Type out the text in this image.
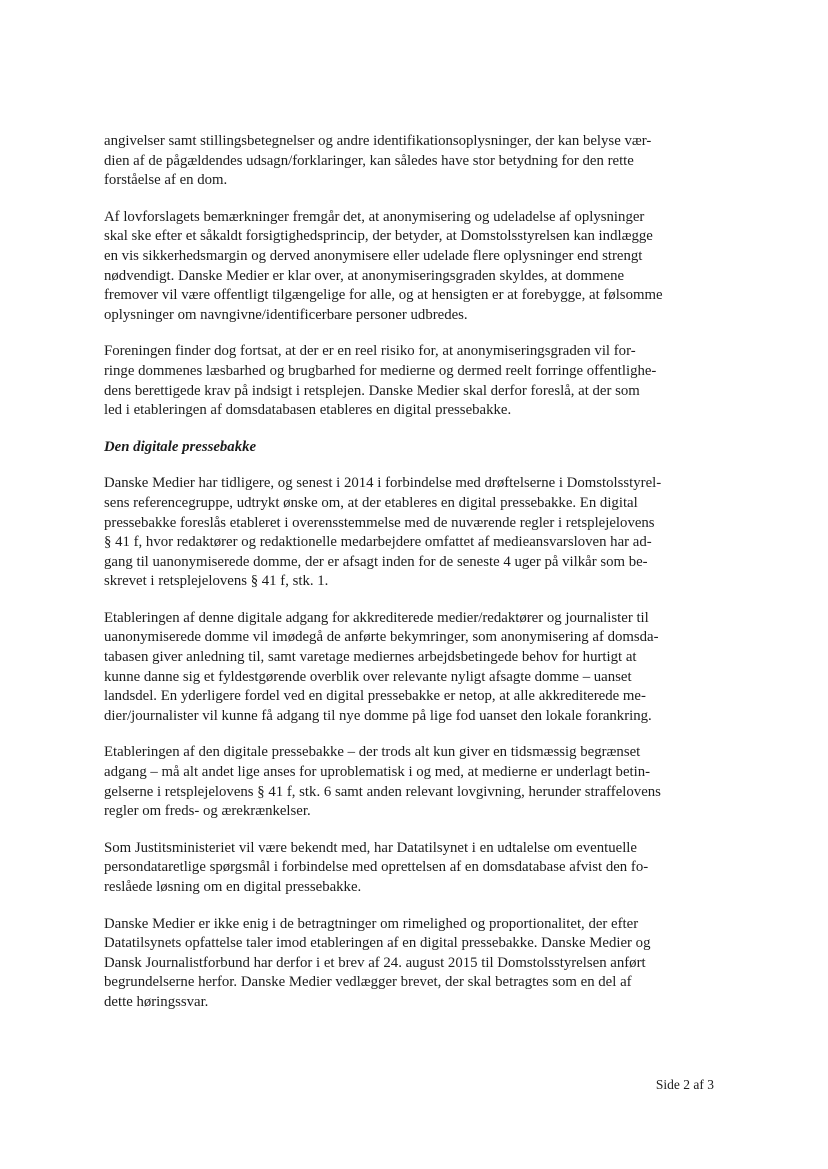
angivelser samt stillingsbetegnelser og andre identifikationsoplysninger, der kan belyse vær-
dien af de pågældendes udsagn/forklaringer, kan således have stor betydning for den rette
forståelse af en dom.

Af lovforslagets bemærkninger fremgår det, at anonymisering og udeladelse af oplysninger
skal ske efter et såkaldt forsigtighedsprincip, der betyder, at Domstolsstyrelsen kan indlægge
en vis sikkerhedsmargin og derved anonymisere eller udelade flere oplysninger end strengt
nødvendigt. Danske Medier er klar over, at anonymiseringsgraden skyldes, at dommene
fremover vil være offentligt tilgængelige for alle, og at hensigten er at forebygge, at følsomme
oplysninger om navngivne/identificerbare personer udbredes.

Foreningen finder dog fortsat, at der er en reel risiko for, at anonymiseringsgraden vil for-
ringe dommenes læsbarhed og brugbarhed for medierne og dermed reelt forringe offentlighe-
dens berettigede krav på indsigt i retsplejen. Danske Medier skal derfor foreslå, at der som
led i etableringen af domsdatabasen etableres en digital pressebakke.

Den digitale pressebakke

Danske Medier har tidligere, og senest i 2014 i forbindelse med drøftelserne i Domstolsstyrel-
sens referencegruppe, udtrykt ønske om, at der etableres en digital pressebakke. En digital
pressebakke foreslås etableret i overensstemmelse med de nuværende regler i retsplejelovens
§ 41 f, hvor redaktører og redaktionelle medarbejdere omfattet af medieansvarsloven har ad-
gang til uanonymiserede domme, der er afsagt inden for de seneste 4 uger på vilkår som be-
skrevet i retsplejelovens § 41 f, stk. 1.

Etableringen af denne digitale adgang for akkrediterede medier/redaktører og journalister til
uanonymiserede domme vil imødegå de anførte bekymringer, som anonymisering af domsda-
tabasen giver anledning til, samt varetage mediernes arbejdsbetingede behov for hurtigt at
kunne danne sig et fyldestgørende overblik over relevante nyligt afsagte domme – uanset
landsdel. En yderligere fordel ved en digital pressebakke er netop, at alle akkrediterede me-
dier/journalister vil kunne få adgang til nye domme på lige fod uanset den lokale forankring.

Etableringen af den digitale pressebakke – der trods alt kun giver en tidsmæssig begrænset
adgang – må alt andet lige anses for uproblematisk i og med, at medierne er underlagt betin-
gelserne i retsplejelovens § 41 f, stk. 6 samt anden relevant lovgivning, herunder straffelovens
regler om freds- og ærekrænkelser.

Som Justitsministeriet vil være bekendt med, har Datatilsynet i en udtalelse om eventuelle
persondataretlige spørgsmål i forbindelse med oprettelsen af en domsdatabase afvist den fo-
reslåede løsning om en digital pressebakke.

Danske Medier er ikke enig i de betragtninger om rimelighed og proportionalitet, der efter
Datatilsynets opfattelse taler imod etableringen af en digital pressebakke. Danske Medier og
Dansk Journalistforbund har derfor i et brev af 24. august 2015 til Domstolsstyrelsen anført
begrundelserne herfor. Danske Medier vedlægger brevet, der skal betragtes som en del af
dette høringssvar.

Side 2 af 3
